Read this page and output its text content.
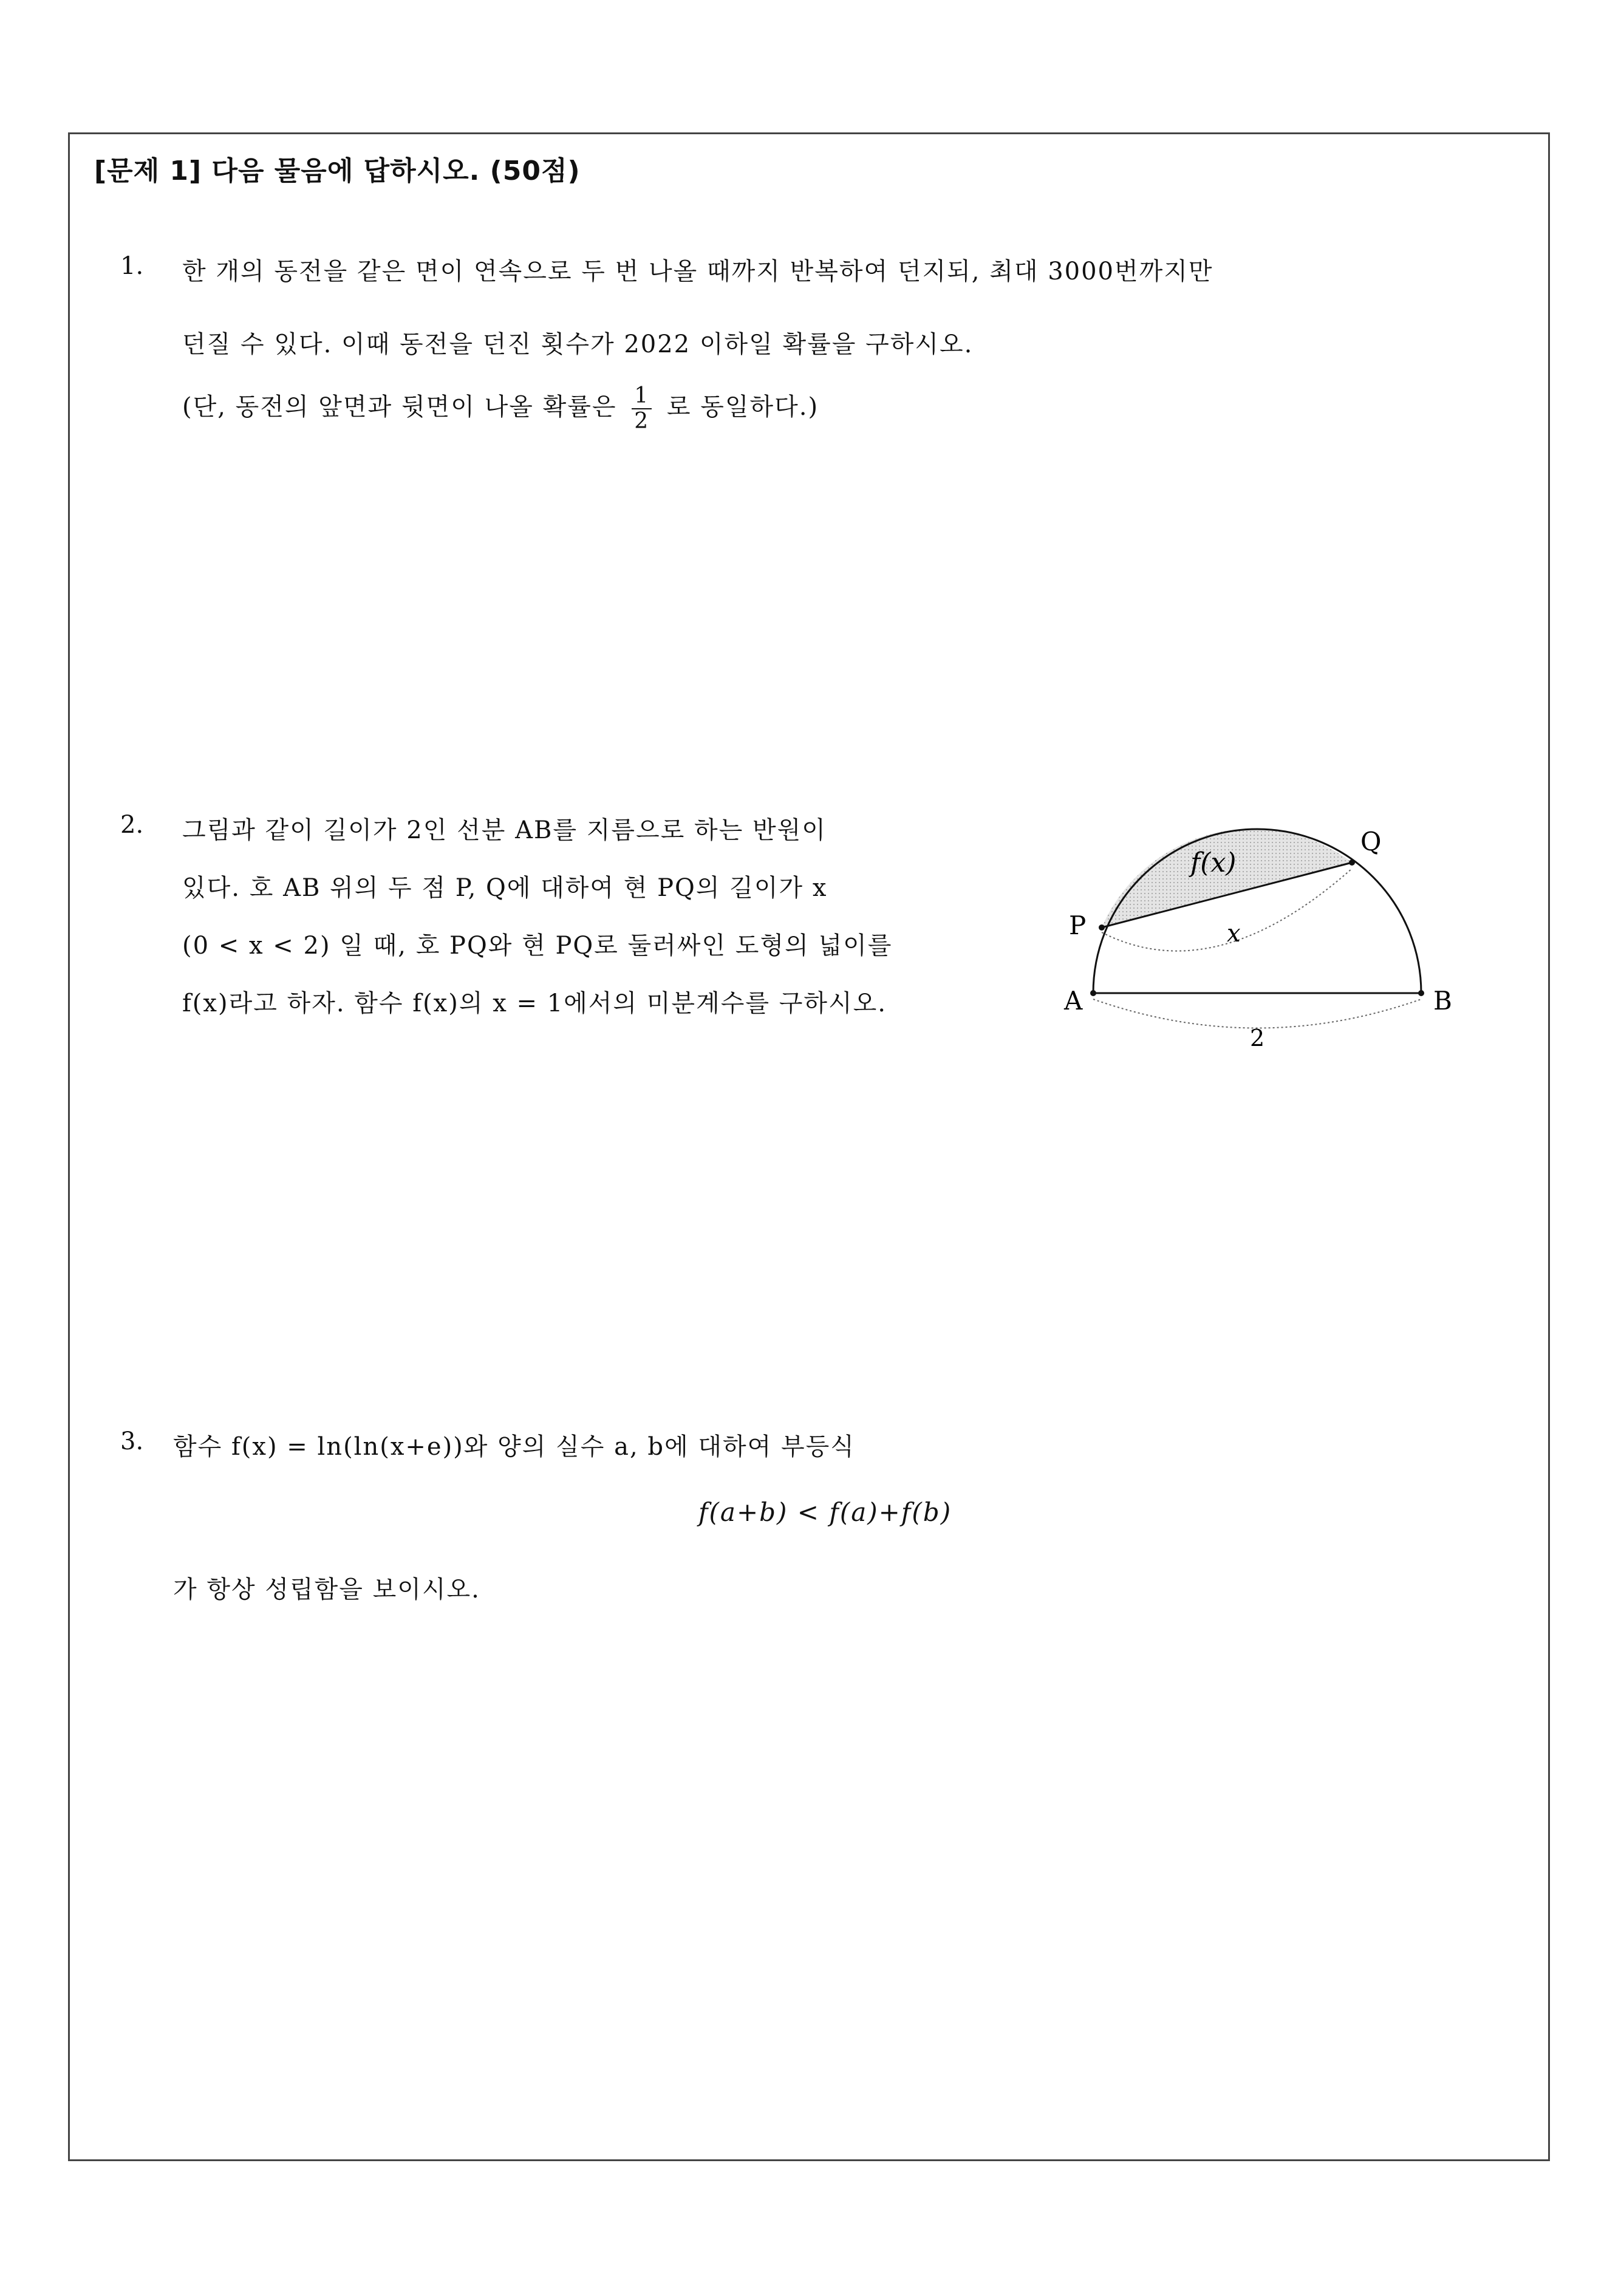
[문제 1] 다음 물음에 답하시오. (50점)
1. 한 개의 동전을 같은 면이 연속으로 두 번 나올 때까지 반복하여 던지되, 최대 3000번까지만
던질 수 있다. 이때 동전을 던진 횟수가 2022 이하일 확률을 구하시오.
(단, 동전의 앞면과 뒷면이 나올 확률은 $\frac{1}{2}$ 로 동일하다.)
2. 그림과 같이 길이가 2인 선분 AB를 지름으로 하는 반원이
있다. 호 AB 위의 두 점 P, Q에 대하여 현 PQ의 길이가 x
(0 < x < 2) 일 때, 호 PQ와 현 PQ로 둘러싸인 도형의 넓이를
f(x)라고 하자. 함수 f(x)의 x = 1에서의 미분계수를 구하시오.
f(x)
x
2
P
Q
A	B
3. 함수 f(x) = ln(ln(x+e))와 양의 실수 a, b에 대하여 부등식
f(a+b) < f(a)+f(b)
가 항상 성립함을 보이시오.
